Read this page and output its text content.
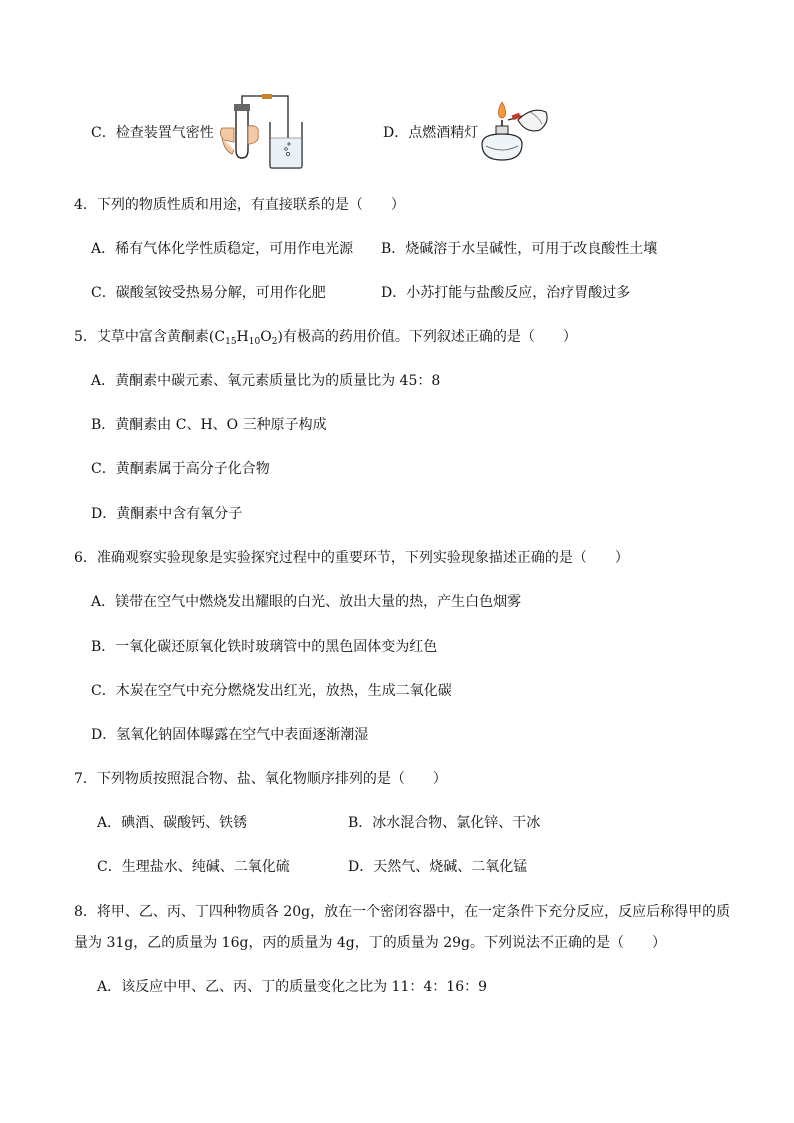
C．检查装置气密性	D．点燃酒精灯
4．下列的物质性质和用途，有直接联系的是（　　）
A．稀有气体化学性质稳定，可用作电光源 B．烧碱溶于水呈碱性，可用于改良酸性土壤
C．碳酸氢铵受热易分解，可用作化肥	D．小苏打能与盐酸反应，治疗胃酸过多
5．艾草中富含黄酮素$(C_{15}H_{10}O_2)$有极高的药用价值。下列叙述正确的是（　　）
A．黄酮素中碳元素、氧元素质量比为的质量比为 45：8
B．黄酮素由 C、H、O 三种原子构成
C．黄酮素属于高分子化合物
D．黄酮素中含有氧分子
6．准确观察实验现象是实验探究过程中的重要环节，下列实验现象描述正确的是（　　）
A．镁带在空气中燃烧发出耀眼的白光、放出大量的热，产生白色烟雾
B．一氧化碳还原氧化铁时玻璃管中的黑色固体变为红色
C．木炭在空气中充分燃烧发出红光，放热，生成二氧化碳
D．氢氧化钠固体曝露在空气中表面逐渐潮湿
7．下列物质按照混合物、盐、氧化物顺序排列的是（　　）
A．碘酒、碳酸钙、铁锈	B．冰水混合物、氯化锌、干冰
C．生理盐水、纯碱、二氧化硫	D．天然气、烧碱、二氧化锰
8．将甲、乙、丙、丁四种物质各 20g，放在一个密闭容器中，在一定条件下充分反应，反应后称得甲的质
量为 31g，乙的质量为 16g，丙的质量为 4g，丁的质量为 29g。下列说法不正确的是（　　）
A．该反应中甲、乙、丙、丁的质量变化之比为 11：4：16：9
